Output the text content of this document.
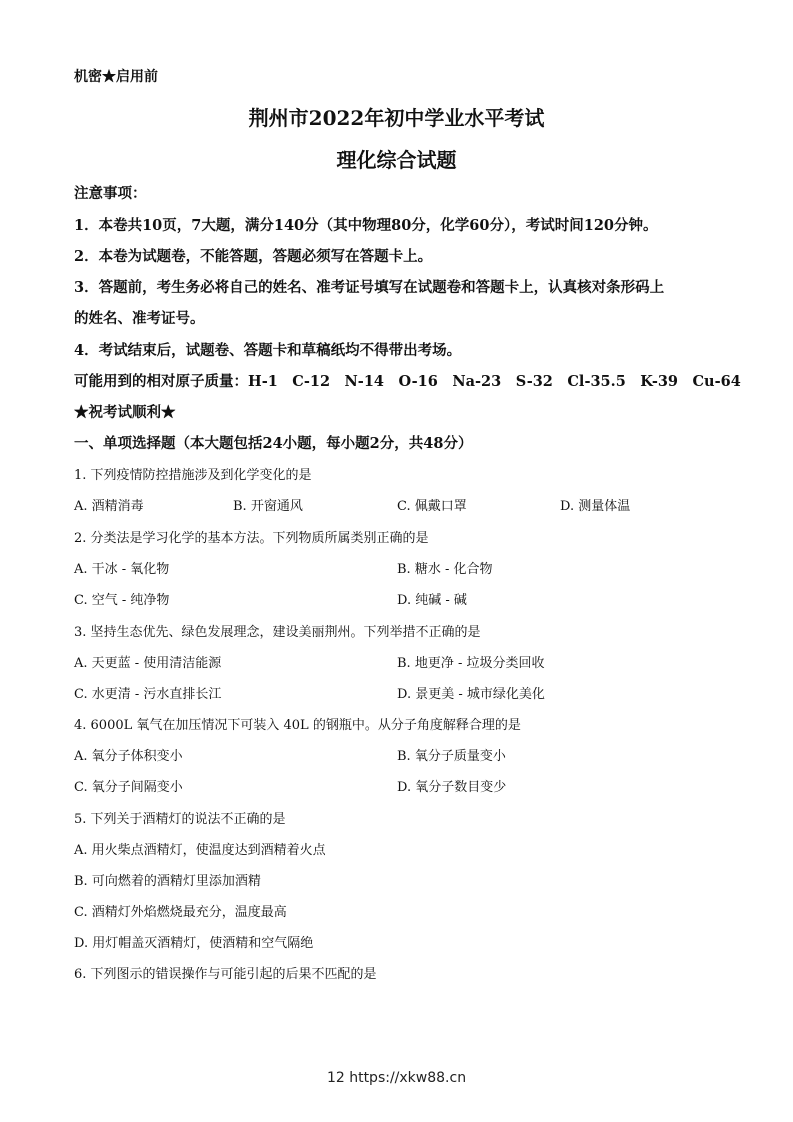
机密★启用前
荆州市2022年初中学业水平考试
理化综合试题
注意事项：
1．本卷共10页，7大题，满分140分（其中物理80分，化学60分），考试时间120分钟。
2．本卷为试题卷，不能答题，答题必须写在答题卡上。
3．答题前，考生务必将自己的姓名、准考证号填写在试题卷和答题卡上，认真核对条形码上
的姓名、准考证号。
4．考试结束后，试题卷、答题卡和草稿纸均不得带出考场。
可能用到的相对原子质量：H-1　C-12　N-14　O-16　Na-23　S-32　Cl-35.5　K-39　Cu-64
★祝考试顺利★
一、单项选择题（本大题包括24小题，每小题2分，共48分）
1. 下列疫情防控措施涉及到化学变化的是
A. 酒精消毒	B. 开窗通风	C. 佩戴口罩	D. 测量体温
2. 分类法是学习化学的基本方法。下列物质所属类别正确的是
A. 干冰 - 氧化物	B. 糖水 - 化合物
C. 空气 - 纯净物	D. 纯碱 - 碱
3. 坚持生态优先、绿色发展理念，建设美丽荆州。下列举措不正确的是
A. 天更蓝 - 使用清洁能源	B. 地更净 - 垃圾分类回收
C. 水更清 - 污水直排长江	D. 景更美 - 城市绿化美化
4. 6000L 氧气在加压情况下可装入 40L 的钢瓶中。从分子角度解释合理的是
A. 氧分子体积变小	B. 氧分子质量变小
C. 氧分子间隔变小	D. 氧分子数目变少
5. 下列关于酒精灯的说法不正确的是
A. 用火柴点酒精灯，使温度达到酒精着火点
B. 可向燃着的酒精灯里添加酒精
C. 酒精灯外焰燃烧最充分，温度最高
D. 用灯帽盖灭酒精灯，使酒精和空气隔绝
6. 下列图示的错误操作与可能引起的后果不匹配的是
12 https://xkw88.cn
